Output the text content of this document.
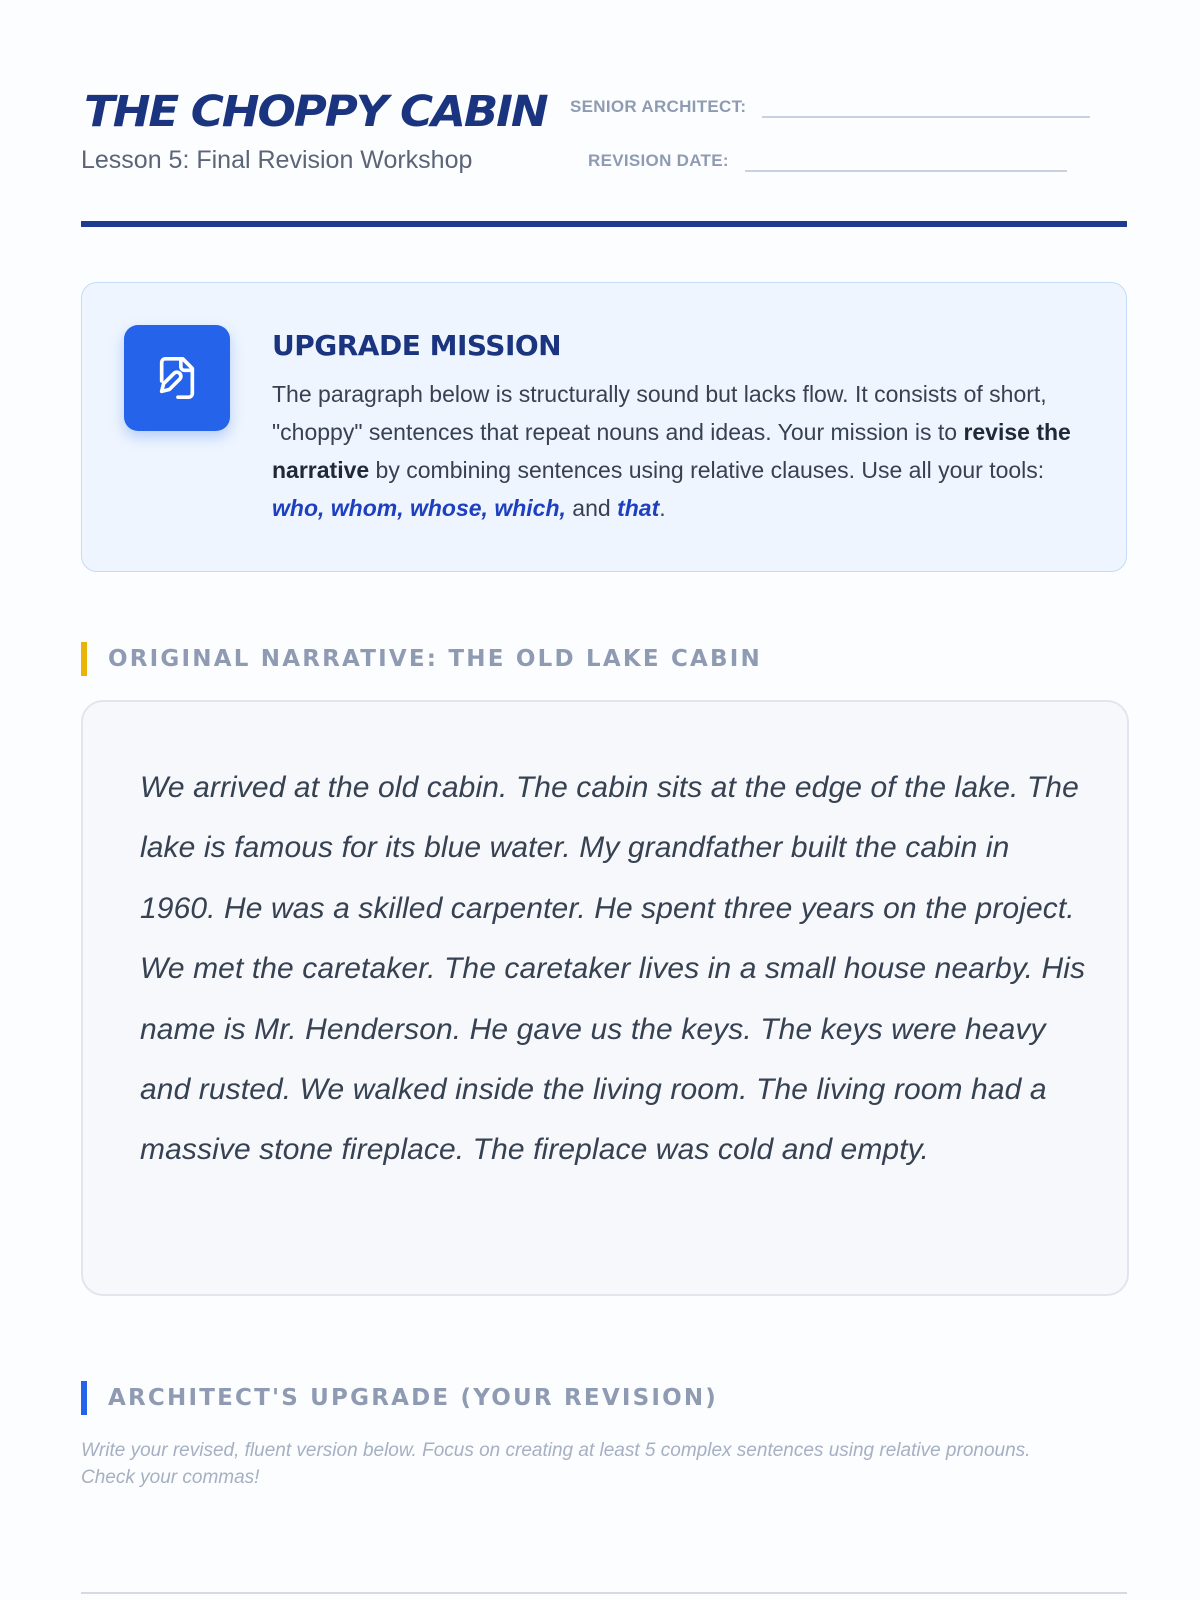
THE CHOPPY CABIN
Lesson 5: Final Revision Workshop
SENIOR ARCHITECT:
REVISION DATE:
UPGRADE MISSION
The paragraph below is structurally sound but lacks flow. It consists of short, "choppy" sentences that repeat nouns and ideas. Your mission is to revise the narrative by combining sentences using relative clauses. Use all your tools: who, whom, whose, which, and that.
ORIGINAL NARRATIVE: THE OLD LAKE CABIN
We arrived at the old cabin. The cabin sits at the edge of the lake. The lake is famous for its blue water. My grandfather built the cabin in 1960. He was a skilled carpenter. He spent three years on the project. We met the caretaker. The caretaker lives in a small house nearby. His name is Mr. Henderson. He gave us the keys. The keys were heavy and rusted. We walked inside the living room. The living room had a massive stone fireplace. The fireplace was cold and empty.
ARCHITECT'S UPGRADE (YOUR REVISION)
Write your revised, fluent version below. Focus on creating at least 5 complex sentences using relative pronouns. Check your commas!
